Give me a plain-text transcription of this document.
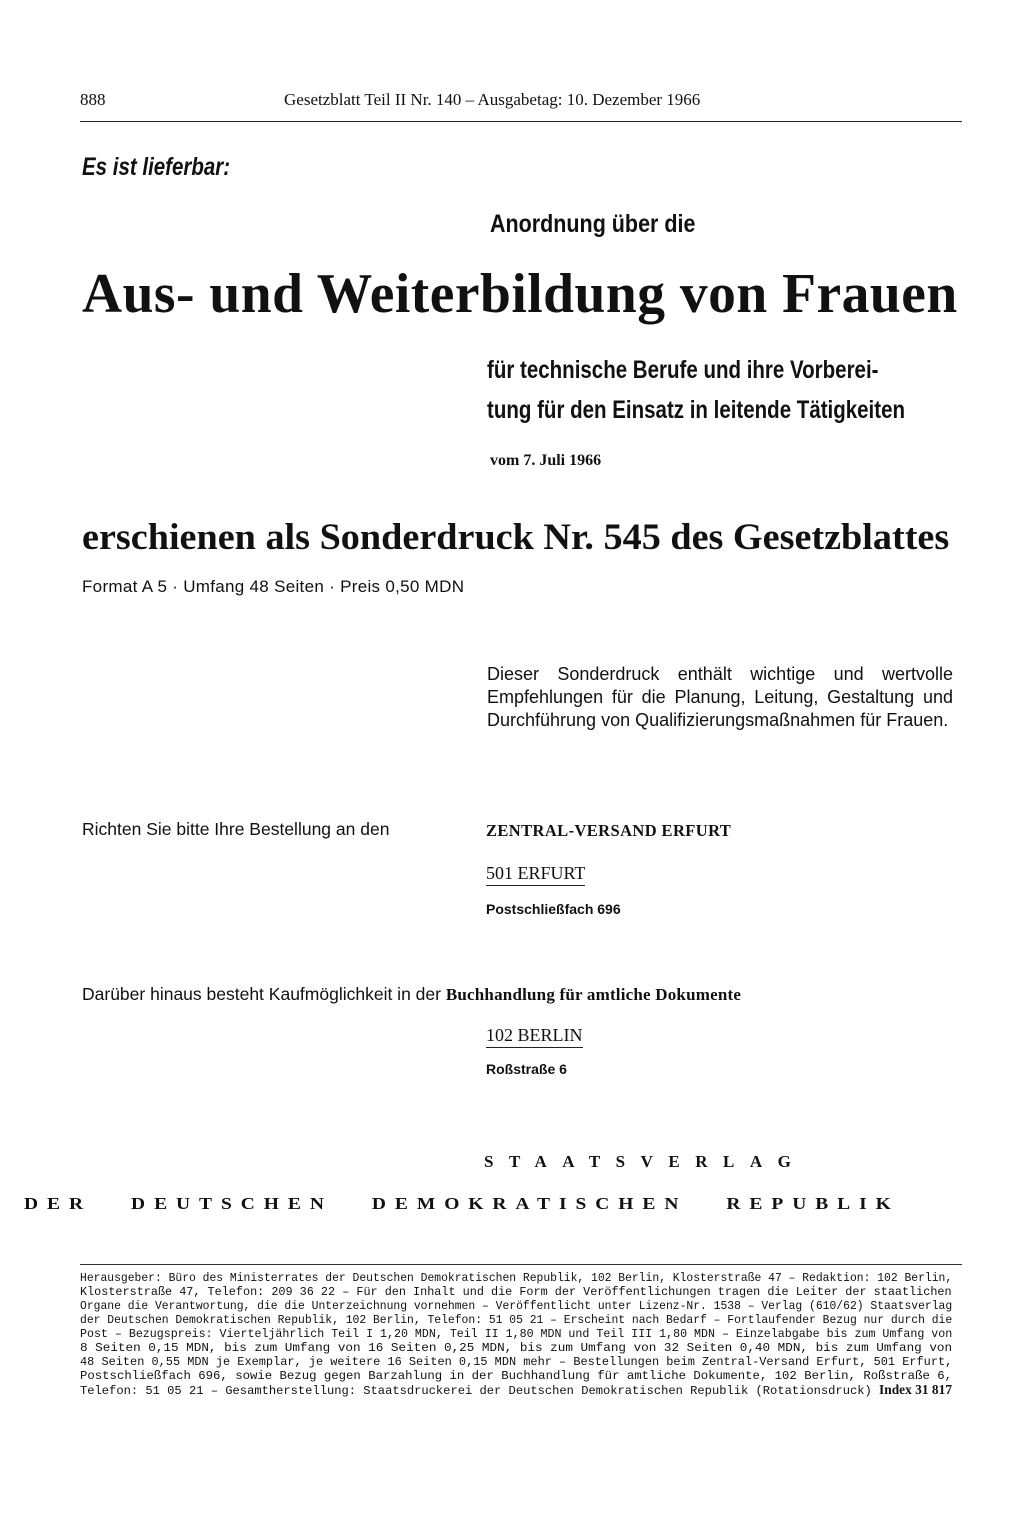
888	Gesetzblatt Teil II Nr. 140 – Ausgabetag: 10. Dezember 1966
Es ist lieferbar:
Anordnung über die
Aus- und Weiterbildung von Frauen
für technische Berufe und ihre Vorberei-
tung für den Einsatz in leitende Tätigkeiten
vom 7. Juli 1966
erschienen als Sonderdruck Nr. 545 des Gesetzblattes
Format A 5 · Umfang 48 Seiten · Preis 0,50 MDN
Dieser Sonderdruck enthält wichtige und wertvolle Empfehlungen für die Planung, Leitung, Gestaltung und Durchführung von Qualifizierungsmaßnahmen für Frauen.
Richten Sie bitte Ihre Bestellung an den	ZENTRAL-VERSAND ERFURT
501 ERFURT
Postschließfach 696
Darüber hinaus besteht Kaufmöglichkeit in der Buchhandlung für amtliche Dokumente
102 BERLIN
Roßstraße 6
STAATSVERLAG
DER DEUTSCHEN DEMOKRATISCHEN REPUBLIK
Herausgeber: Büro des Ministerrates der Deutschen Demokratischen Republik, 102 Berlin, Klosterstraße 47 – Redaktion: 102 Berlin,
Klosterstraße 47, Telefon: 209 36 22 – Für den Inhalt und die Form der Veröffentlichungen tragen die Leiter der staatlichen
Organe die Verantwortung, die die Unterzeichnung vornehmen – Veröffentlicht unter Lizenz-Nr. 1538 – Verlag (610/62) Staatsverlag
der Deutschen Demokratischen Republik, 102 Berlin, Telefon: 51 05 21 – Erscheint nach Bedarf – Fortlaufender Bezug nur durch die
Post – Bezugspreis: Vierteljährlich Teil I 1,20 MDN, Teil II 1,80 MDN und Teil III 1,80 MDN – Einzelabgabe bis zum Umfang von
8 Seiten 0,15 MDN, bis zum Umfang von 16 Seiten 0,25 MDN, bis zum Umfang von 32 Seiten 0,40 MDN, bis zum Umfang von
48 Seiten 0,55 MDN je Exemplar, je weitere 16 Seiten 0,15 MDN mehr – Bestellungen beim Zentral-Versand Erfurt, 501 Erfurt,
Postschließfach 696, sowie Bezug gegen Barzahlung in der Buchhandlung für amtliche Dokumente, 102 Berlin, Roßstraße 6,
Telefon: 51 05 21 – Gesamtherstellung: Staatsdruckerei der Deutschen Demokratischen Republik (Rotationsdruck) Index 31 817
